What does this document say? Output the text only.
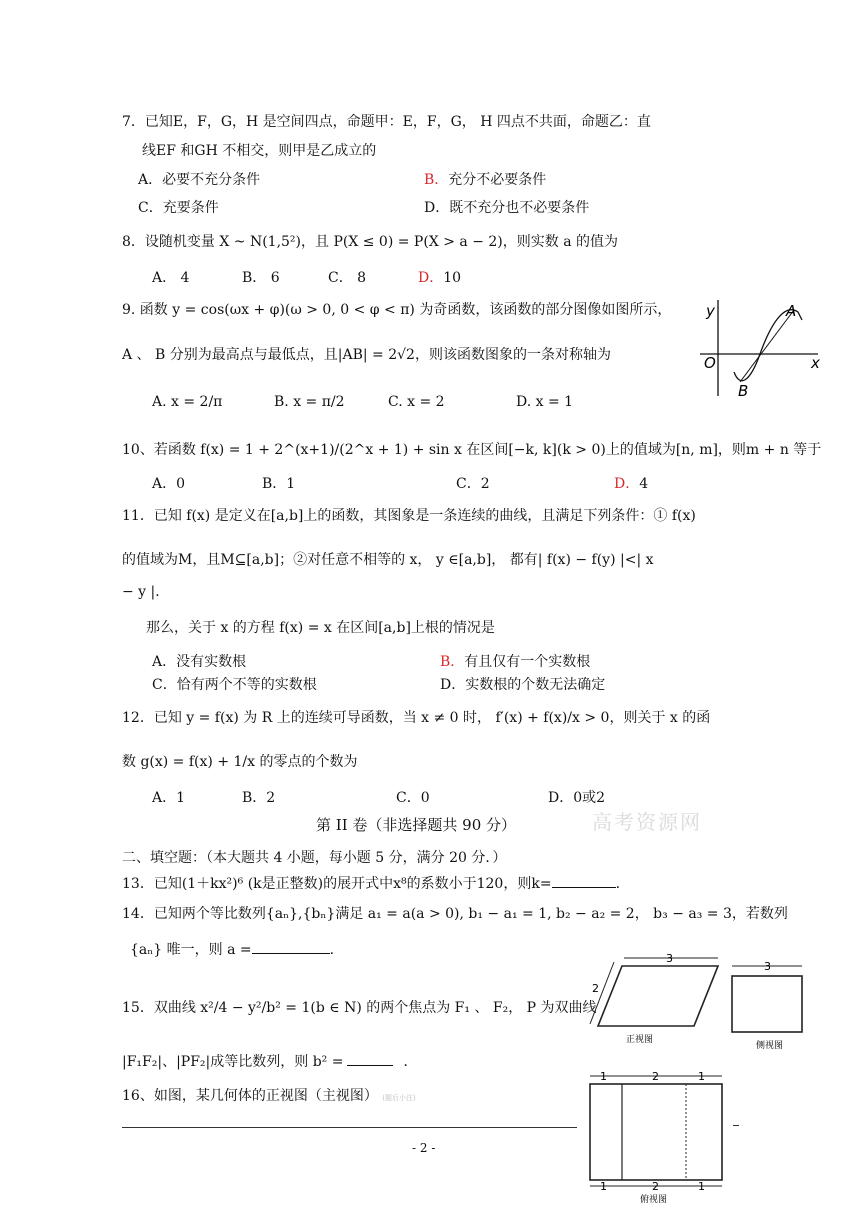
7．已知E，F，G，H 是空间四点，命题甲：E，F，G， H 四点不共面，命题乙：直
线EF 和GH 不相交，则甲是乙成立的
A．必要不充分条件	B．充分不必要条件
C．充要条件	D．既不充分也不必要条件
8．设随机变量 X ~ N(1,5²)，且 P(X ≤ 0) = P(X > a − 2)，则实数 a 的值为
A． 4	B． 6	C． 8	D．10
9. 函数 y = cos(ωx + φ)(ω > 0, 0 < φ < π) 为奇函数，该函数的部分图像如图所示，
A 、 B 分别为最高点与最低点，且|AB| = 2√2，则该函数图象的一条对称轴为
A. x = 2/π	B. x = π/2	C. x = 2	D. x = 1
y
x
O
A
B
10、若函数 f(x) = 1 + 2^(x+1)/(2^x + 1) + sin x 在区间[−k, k](k > 0)上的值域为[n, m]，则m + n 等于
A．0	B．1	C．2	D．4
11．已知 f(x) 是定义在[a,b]上的函数，其图象是一条连续的曲线，且满足下列条件：① f(x)
的值域为M，且M⊆[a,b]；②对任意不相等的 x， y ∈[a,b]， 都有| f(x) − f(y) |<| x
− y |．
那么，关于 x 的方程 f(x) = x 在区间[a,b]上根的情况是
A．没有实数根	B．有且仅有一个实数根
C．恰有两个不等的实数根	D．实数根的个数无法确定
12．已知 y = f(x) 为 R 上的连续可导函数，当 x ≠ 0 时， f′(x) + f(x)/x > 0，则关于 x 的函
数 g(x) = f(x) + 1/x 的零点的个数为
A．1	B．2	C．0	D．0或2
第 II 卷（非选择题共 90 分）	高考资源网
二、填空题：（本大题共 4 小题，每小题 5 分，满分 20 分．）
13．已知(1＋kx²)⁶ (k是正整数)的展开式中x⁸的系数小于120，则k=	.
14．已知两个等比数列{aₙ},{bₙ}满足 a₁ = a(a > 0), b₁ − a₁ = 1, b₂ − a₂ = 2， b₃ − a₃ = 3，若数列
{aₙ} 唯一，则 a =	.
15．双曲线 x²/4 − y²/b² = 1(b ∈ N) 的两个焦点为 F₁ 、 F₂， P 为双曲线
|F₁F₂|、|PF₂|成等比数列，则 b² =	．
16、如图，某几何体的正视图（主视图） (题后小注)
- 2 -
3
2
正视图
3
侧视图
1	2	1
1	2	1
俯视图
